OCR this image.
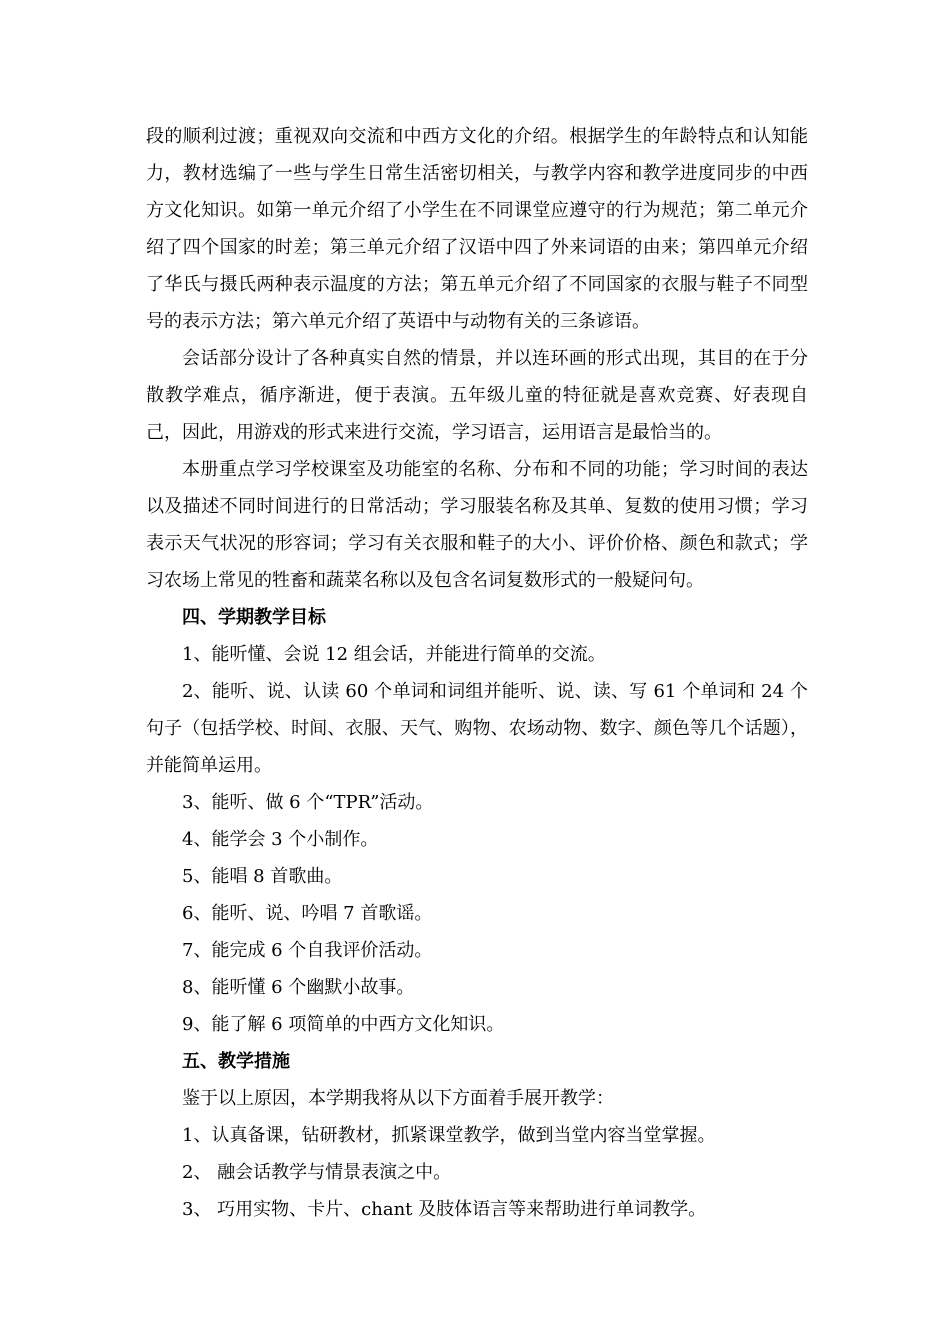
段的顺利过渡；重视双向交流和中西方文化的介绍。根据学生的年龄特点和认知能力，教材选编了一些与学生日常生活密切相关，与教学内容和教学进度同步的中西方文化知识。如第一单元介绍了小学生在不同课堂应遵守的行为规范；第二单元介绍了四个国家的时差；第三单元介绍了汉语中四了外来词语的由来；第四单元介绍了华氏与摄氏两种表示温度的方法；第五单元介绍了不同国家的衣服与鞋子不同型号的表示方法；第六单元介绍了英语中与动物有关的三条谚语。

会话部分设计了各种真实自然的情景，并以连环画的形式出现，其目的在于分散教学难点，循序渐进，便于表演。五年级儿童的特征就是喜欢竞赛、好表现自己，因此，用游戏的形式来进行交流，学习语言，运用语言是最恰当的。

本册重点学习学校课室及功能室的名称、分布和不同的功能；学习时间的表达以及描述不同时间进行的日常活动；学习服装名称及其单、复数的使用习惯；学习表示天气状况的形容词；学习有关衣服和鞋子的大小、评价价格、颜色和款式；学习农场上常见的牲畜和蔬菜名称以及包含名词复数形式的一般疑问句。

四、学期教学目标

1、能听懂、会说 12 组会话，并能进行简单的交流。

2、能听、说、认读 60 个单词和词组并能听、说、读、写 61 个单词和 24 个句子（包括学校、时间、衣服、天气、购物、农场动物、数字、颜色等几个话题），并能简单运用。

3、能听、做 6 个“TPR”活动。

4、能学会 3 个小制作。

5、能唱 8 首歌曲。

6、能听、说、吟唱 7 首歌谣。

7、能完成 6 个自我评价活动。

8、能听懂 6 个幽默小故事。

9、能了解 6 项简单的中西方文化知识。

五、教学措施

鉴于以上原因，本学期我将从以下方面着手展开教学：

1、认真备课，钻研教材，抓紧课堂教学，做到当堂内容当堂掌握。

2、 融会话教学与情景表演之中。

3、 巧用实物、卡片、chant 及肢体语言等来帮助进行单词教学。
